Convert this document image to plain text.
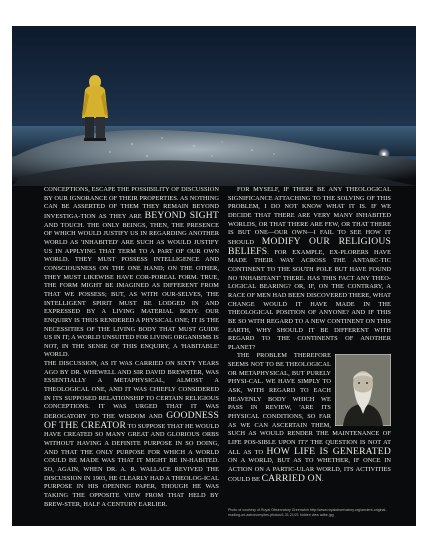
CONCEPTIONS, ESCAPE THE POSSIBILITY OF DISCUSSION BY OUR IGNORANCE OF THEIR PROPERTIES. AS NOTHING CAN BE ASSERTED OF THEM THEY REMAIN BEYOND INVESTIGA-TION AS THEY ARE BEYOND SIGHT AND TOUCH. THE ONLY BEINGS, THEN, THE PRESENCE OF WHICH WOULD JUSTIFY US IN REGARDING ANOTHER WORLD AS 'INHABITED' ARE SUCH AS WOULD JUSTIFY US IN APPLYING THAT TERM TO A PART OF OUR OWN WORLD. THEY MUST POSSESS INTELLIGENCE AND CONSCIOUSNESS ON THE ONE HAND; ON THE OTHER, THEY MUST LIKEWISE HAVE COR-POREAL FORM. TRUE, THE FORM MIGHT BE IMAGINED AS DIFFERENT FROM THAT WE POSSESS; BUT, AS WITH OUR-SELVES, THE INTELLIGENT SPIRIT MUST BE LODGED IN AND EXPRESSED BY A LIVING MATERIAL BODY. OUR ENQUIRY IS THUS RENDERED A PHYSICAL ONE; IT IS THE NECESSITIES OF THE LIVING BODY THAT MUST GUIDE US IN IT; A WORLD UNSUITED FOR LIVING ORGANISMS IS NOT, IN THE SENSE OF THIS ENQUIRY, A 'HABITABLE' WORLD.

THE DISCUSSION, AS IT WAS CARRIED ON SIXTY YEARS AGO BY DR. WHEWELL AND SIR DAVID BREWSTER, WAS ESSENTIALLY A METAPHYSICAL, ALMOST A THEOLOGICAL ONE, AND IT WAS CHIEFLY CONSIDERED IN ITS SUPPOSED RELATIONSHIP TO CERTAIN RELIGIOUS CONCEPTIONS. IT WAS URGED THAT IT WAS DEROGATORY TO THE WISDOM AND GOODNESS OF THE CREATOR TO SUPPOSE THAT HE WOULD HAVE CREATED SO MANY GREAT AND GLORIOUS ORBS WITHOUT HAVING A DEFINITE PURPOSE IN SO DOING, AND THAT THE ONLY PURPOSE FOR WHICH A WORLD COULD BE MADE WAS THAT IT MIGHT BE IN-HABITED. SO, AGAIN, WHEN DR. A. R. WALLACE REVIVED THE DISCUSSION IN 1903, HE CLEARLY HAD A THEOLOG-ICAL PURPOSE IN HIS OPENING PAPER, THOUGH HE WAS TAKING THE OPPOSITE VIEW FROM THAT HELD BY BREW-STER, HALF A CENTURY EARLIER.

FOR MYSELF, IF THERE BE ANY THEOLOGICAL SIGNIFICANCE ATTACHING TO THE SOLVING OF THIS PROBLEM, I DO NOT KNOW WHAT IT IS. IF WE DECIDE THAT THERE ARE VERY MANY INHABITED WORLDS, OR THAT THERE ARE FEW, OR THAT THERE IS BUT ONE—OUR OWN—I FAIL TO SEE HOW IT SHOULD MODIFY OUR RELIGIOUS BELIEFS. FOR EXAMPLE, EX-PLORERS HAVE MADE THEIR WAY ACROSS THE ANTARC-TIC CONTINENT TO THE SOUTH POLE BUT HAVE FOUND NO 'INHABITANT' THERE. HAS THIS FACT ANY THEO-LOGICAL BEARING? OR, IF, ON THE CONTRARY, A RACE OF MEN HAD BEEN DISCOVERED THERE, WHAT CHANGE WOULD IT HAVE MADE IN THE THEOLOGICAL POSITION OF ANYONE? AND IF THIS BE SO WITH REGARD TO A NEW CONTINENT ON THIS EARTH, WHY SHOULD IT BE DIFFERENT WITH REGARD TO THE CONTINENTS OF ANOTHER PLANET?

THE PROBLEM THEREFORE SEEMS NOT TO BE THEOLOGICAL OR METAPHYSICAL, BUT PURELY PHYSI-CAL. WE HAVE SIMPLY TO ASK, WITH REGARD TO EACH HEAVENLY BODY WHICH WE PASS IN REVIEW, 'ARE ITS PHYSICAL CONDITIONS, SO FAR AS WE CAN ASCERTAIN THEM, SUCH AS WOULD RENDER THE MAINTENANCE OF LIFE POS-SIBLE UPON IT?' THE QUESTION IS NOT AT ALL AS TO HOW LIFE IS GENERATED ON A WORLD, BUT AS TO WHETHER, IF ONCE IN ACTION ON A PARTIC-ULAR WORLD, ITS ACTIVITIES COULD BE CARRIED ON.

Photo of courtesy of Royal Observatory Greenwich http://www.royalobservatory.org/ancient-original-reading-on-astronomy/tes-photos/1.31.21/21 hidden view adbe.jpg
